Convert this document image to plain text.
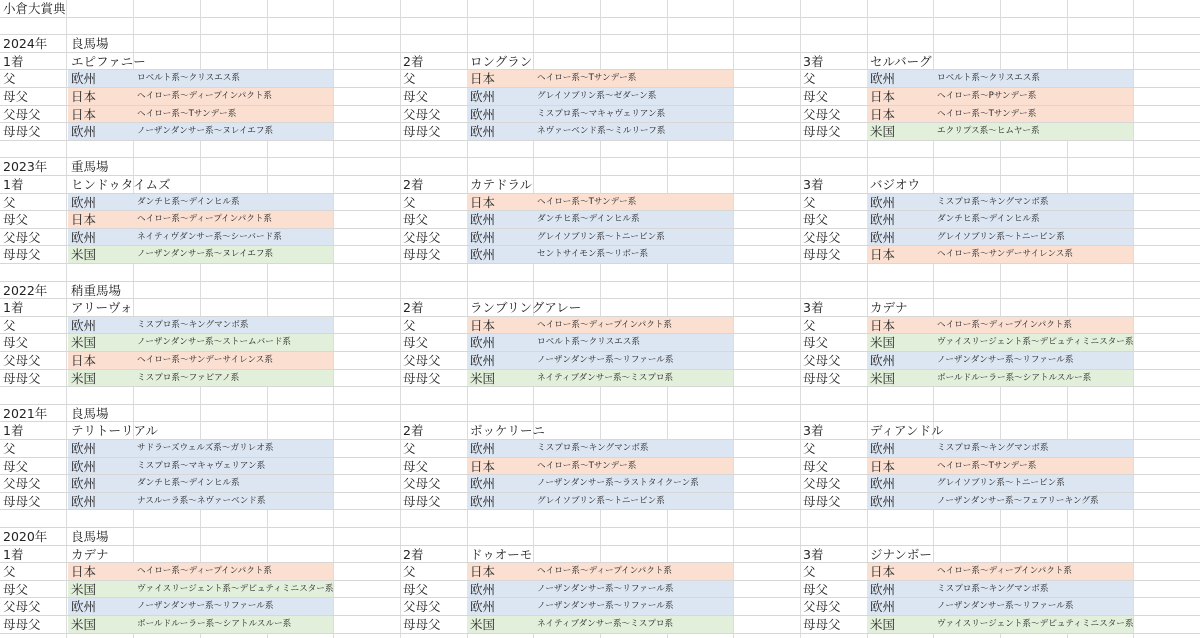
小倉大賞典
2024年	良馬場
1着	エピファニー	2着	ロングラン	3着	セルバーグ
父	欧州	ロベルト系～クリスエス系	父	日本	ヘイロー系～Tサンデー系	父	欧州	ロベルト系～クリスエス系
母父	日本	ヘイロー系～ディープインパクト系	母父	欧州	グレイソブリン系～ゼダーン系	母父	日本	ヘイロー系～Pサンデー系
父母父	日本	ヘイロー系～Tサンデー系	父母父	欧州	ミスプロ系～マキャヴェリアン系	父母父	日本	ヘイロー系～Tサンデー系
母母父	欧州	ノーザンダンサー系～ヌレイエフ系	母母父	欧州	ネヴァーベンド系～ミルリーフ系	母母父	米国	エクリプス系～ヒムヤー系
2023年	重馬場
1着	ヒンドゥタイムズ	2着	カテドラル	3着	バジオウ
父	欧州	ダンチヒ系～デインヒル系	父	日本	ヘイロー系～Tサンデー系	父	欧州	ミスプロ系～キングマンボ系
母父	日本	ヘイロー系～ディープインパクト系	母父	欧州	ダンチヒ系～デインヒル系	母父	欧州	ダンチヒ系～デインヒル系
父母父	欧州	ネイティヴダンサー系～シーバード系	父母父	欧州	グレイソブリン系～トニービン系	父母父	欧州	グレイソブリン系～トニービン系
母母父	米国	ノーザンダンサー系～ヌレイエフ系	母母父	欧州	セントサイモン系～リボー系	母母父	日本	ヘイロー系～サンデーサイレンス系
2022年	稍重馬場
1着	アリーヴォ	2着	ランブリングアレー	3着	カデナ
父	欧州	ミスプロ系～キングマンボ系	父	日本	ヘイロー系～ディープインパクト系	父	日本	ヘイロー系～ディープインパクト系
母父	米国	ノーザンダンサー系～ストームバード系	母父	欧州	ロベルト系～クリスエス系	母父	米国	ヴァイスリージェント系～デピュティミニスター系
父母父	日本	ヘイロー系～サンデーサイレンス系	父母父	欧州	ノーザンダンサー系～リファール系	父母父	欧州	ノーザンダンサー系～リファール系
母母父	米国	ミスプロ系～ファピアノ系	母母父	米国	ネイティブダンサー系～ミスプロ系	母母父	米国	ボールドルーラー系～シアトルスルー系
2021年	良馬場
1着	テリトーリアル	2着	ボッケリーニ	3着	ディアンドル
父	欧州	サドラーズウェルズ系～ガリレオ系	父	欧州	ミスプロ系～キングマンボ系	父	欧州	ミスプロ系～キングマンボ系
母父	欧州	ミスプロ系～マキャヴェリアン系	母父	日本	ヘイロー系～Tサンデー系	母父	日本	ヘイロー系～Tサンデー系
父母父	欧州	ダンチヒ系～デインヒル系	父母父	欧州	ノーザンダンサー系～ラストタイクーン系	父母父	欧州	グレイソブリン系～トニービン系
母母父	欧州	ナスルーラ系～ネヴァーベンド系	母母父	欧州	グレイソブリン系～トニービン系	母母父	欧州	ノーザンダンサー系～フェアリーキング系
2020年	良馬場
1着	カデナ	2着	ドゥオーモ	3着	ジナンボー
父	日本	ヘイロー系～ディープインパクト系	父	日本	ヘイロー系～ディープインパクト系	父	日本	ヘイロー系～ディープインパクト系
母父	米国	ヴァイスリージェント系～デピュティミニスター系	母父	欧州	ノーザンダンサー系～リファール系	母父	欧州	ミスプロ系～キングマンボ系
父母父	欧州	ノーザンダンサー系～リファール系	父母父	欧州	ノーザンダンサー系～リファール系	父母父	欧州	ノーザンダンサー系～リファール系
母母父	米国	ボールドルーラー系～シアトルスルー系	母母父	米国	ネイティブダンサー系～ミスプロ系	母母父	米国	ヴァイスリージェント系～デピュティミニスター系
